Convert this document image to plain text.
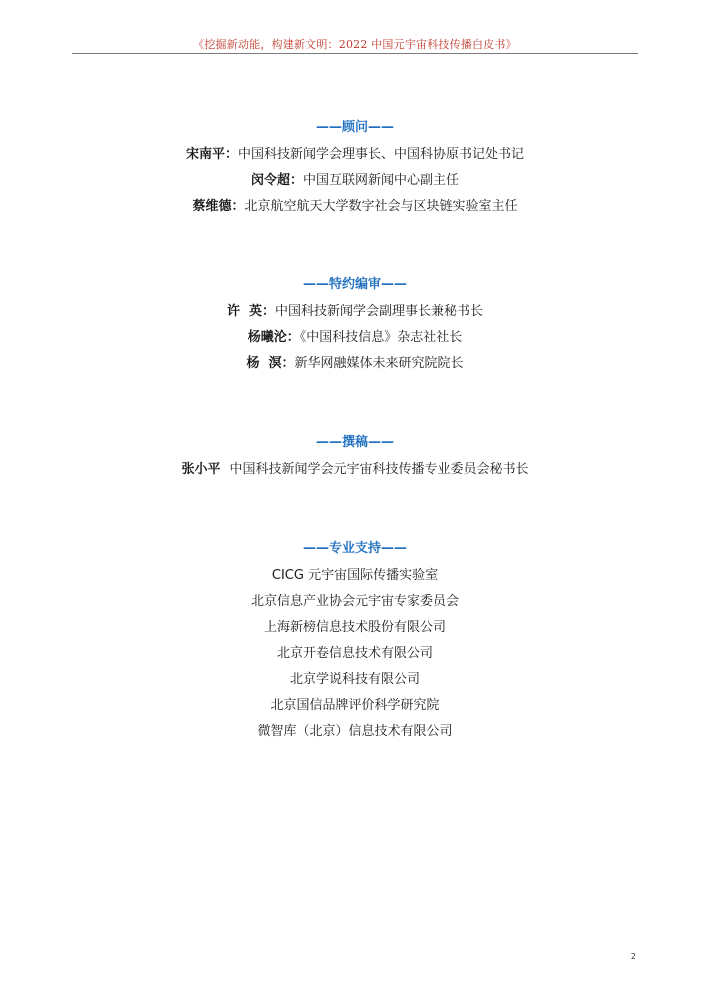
《挖掘新动能，构建新文明：2022 中国元宇宙科技传播白皮书》
——顾问——
宋南平：中国科技新闻学会理事长、中国科协原书记处书记
闵令超：中国互联网新闻中心副主任
蔡维德：北京航空航天大学数字社会与区块链实验室主任
——特约编审——
许  英：中国科技新闻学会副理事长兼秘书长
杨曦沦：《中国科技信息》杂志社社长
杨  溟：新华网融媒体未来研究院院长
——撰稿——
张小平 中国科技新闻学会元宇宙科技传播专业委员会秘书长
——专业支持——
CICG 元宇宙国际传播实验室
北京信息产业协会元宇宙专家委员会
上海新榜信息技术股份有限公司
北京开卷信息技术有限公司
北京学说科技有限公司
北京国信品牌评价科学研究院
微智库（北京）信息技术有限公司
2
